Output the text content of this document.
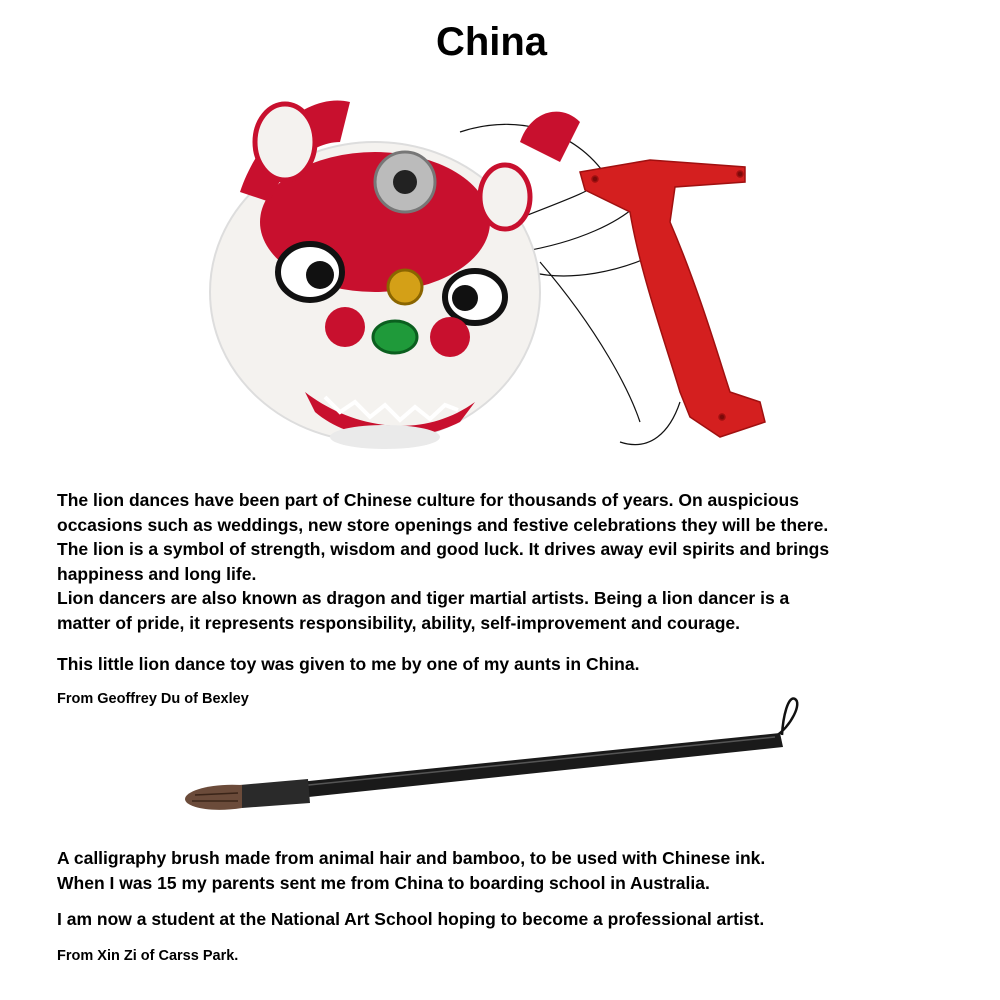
China
The lion dances have been part of Chinese culture for thousands of years. On auspicious
occasions such as weddings, new store openings and festive celebrations they will be there.
The lion is a symbol of strength, wisdom and good luck. It drives away evil spirits and brings
happiness and long life.
Lion dancers are also known as dragon and tiger martial artists. Being a lion dancer is a
matter of pride, it represents responsibility, ability, self-improvement and courage.
This little lion dance toy was given to me by one of my aunts in China.
From Geoffrey Du of Bexley
A calligraphy brush made from animal hair and bamboo, to be used with Chinese ink.
When I was 15 my parents sent me from China to boarding school in Australia.
I am now a student at the National Art School hoping to become a professional artist.
From Xin Zi of Carss Park.
